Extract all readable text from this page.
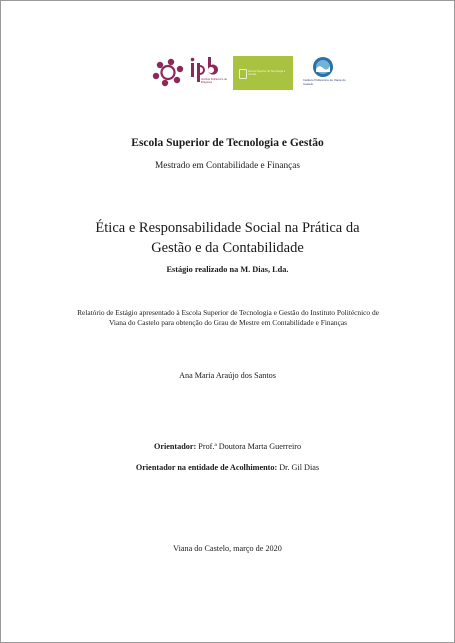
Instituto Politécnico de Bragança
Escola Superior de Tecnologia e Gestão
Instituto Politécnico de Viana do Castelo
Escola Superior de Tecnologia e Gestão
Mestrado em Contabilidade e Finanças
Ética e Responsabilidade Social na Prática da
Gestão e da Contabilidade
Estágio realizado na M. Dias, Lda.
Relatório de Estágio apresentado à Escola Superior de Tecnologia e Gestão do Instituto Politécnico de Viana do Castelo para obtenção do Grau de Mestre em Contabilidade e Finanças
Ana Maria Araújo dos Santos
Orientador: Prof.ª Doutora Marta Guerreiro
Orientador na entidade de Acolhimento: Dr. Gil Dias
Viana do Castelo, março de 2020
